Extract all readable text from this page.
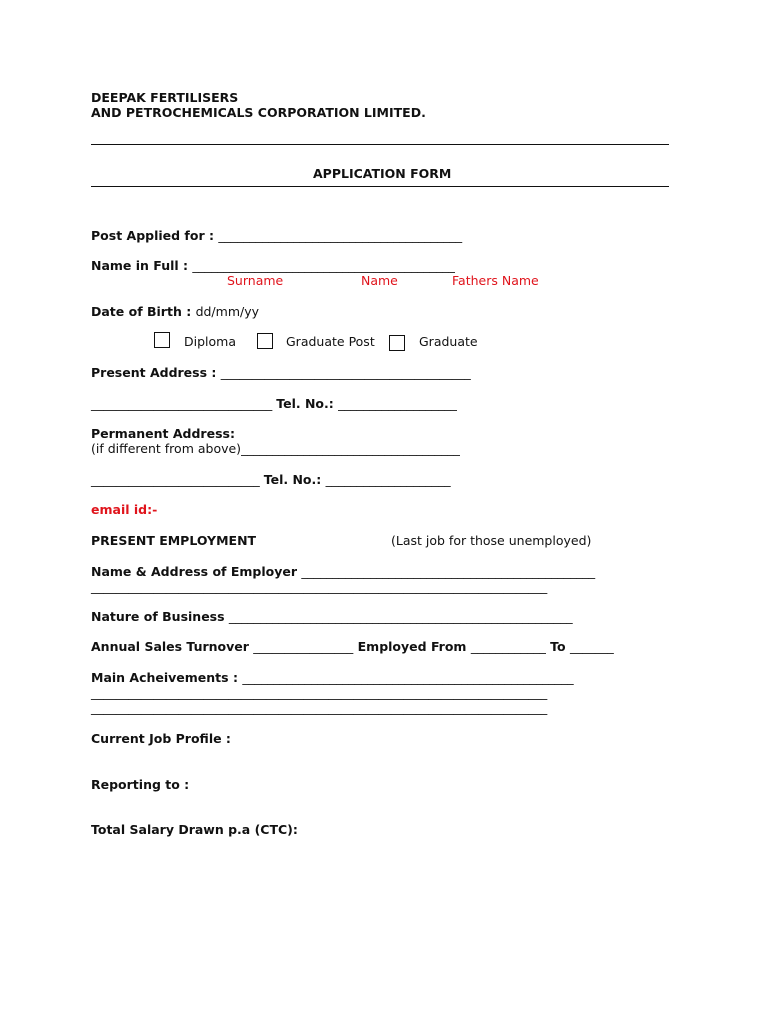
DEEPAK FERTILISERS
AND PETROCHEMICALS CORPORATION LIMITED.
APPLICATION FORM
Post Applied for : _______________________________________
Name in Full : __________________________________________
Surname	Name	Fathers Name
Date of Birth : dd/mm/yy
Diploma	Graduate Post	Graduate
Present Address : ________________________________________
_____________________________ Tel. No.: ___________________
Permanent Address:
(if different from above)___________________________________
___________________________ Tel. No.: ____________________
email id:-
PRESENT EMPLOYMENT	(Last job for those unemployed)
Name & Address of Employer _______________________________________________
_________________________________________________________________________
Nature of Business _______________________________________________________
Annual Sales Turnover ________________ Employed From ____________ To _______
Main Acheivements : _____________________________________________________
_________________________________________________________________________
_________________________________________________________________________
Current Job Profile :
Reporting to :
Total Salary Drawn p.a (CTC):
